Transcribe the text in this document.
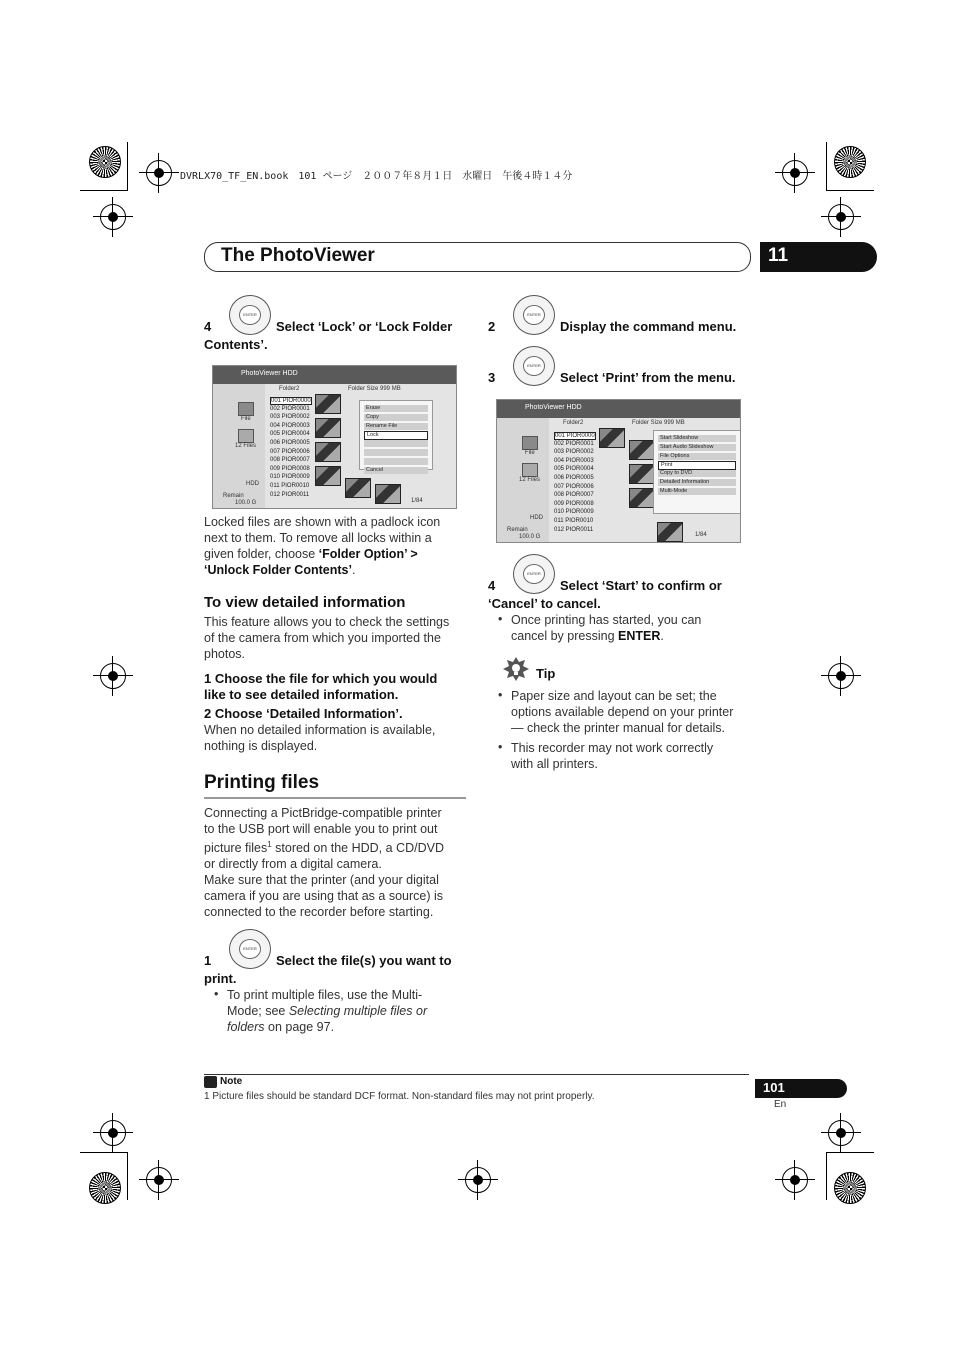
DVRLX70_TF_EN.book　101 ページ　２００７年８月１日　水曜日　午後４時１４分
The PhotoViewer	11
ENTER
4	Select ‘Lock’ or ‘Lock Folder
Contents’.
PhotoViewer HDD
File
12 Files
HDD
Remain
100.0 G
Folder2	Folder Size 999 MB
001 PIOR0000
002 PIOR0001
003 PIOR0002
004 PIOR0003
005 PIOR0004
006 PIOR0005
007 PIOR0006
008 PIOR0007
009 PIOR0008
010 PIOR0009
011 PIOR0010
012 PIOR0011
Erase
Copy
Rename File
Lock
Cancel
1/84
Locked files are shown with a padlock icon
next to them. To remove all locks within a
given folder, choose ‘Folder Option’ >
‘Unlock Folder Contents’.
To view detailed information
This feature allows you to check the settings
of the camera from which you imported the
photos.
1 Choose the file for which you would
like to see detailed information.
2 Choose ‘Detailed Information’.
When no detailed information is available,
nothing is displayed.
Printing files
Connecting a PictBridge-compatible printer
to the USB port will enable you to print out
picture files$^1$ stored on the HDD, a CD/DVD
or directly from a digital camera.
Make sure that the printer (and your digital
camera if you are using that as a source) is
connected to the recorder before starting.
ENTER
1	Select the file(s) you want to
print.
• To print multiple files, use the Multi-
Mode; see Selecting multiple files or
folders on page 97.
ENTER
2	Display the command menu.
ENTER
3	Select ‘Print’ from the menu.
PhotoViewer HDD
File
12 Files
HDD
Remain
100.0 G
Folder2	Folder Size 999 MB
001 PIOR0000
002 PIOR0001
003 PIOR0002
004 PIOR0003
005 PIOR0004
006 PIOR0005
007 PIOR0006
008 PIOR0007
009 PIOR0008
010 PIOR0009
011 PIOR0010
012 PIOR0011
Start Slideshow
Start Audio Slideshow
File Options
Print
Copy to DVD
Detailed Information
Multi-Mode
1/84
ENTER
4	Select ‘Start’ to confirm or
‘Cancel’ to cancel.
• Once printing has started, you can
cancel by pressing ENTER.
Tip
• Paper size and layout can be set; the
options available depend on your printer
— check the printer manual for details.
• This recorder may not work correctly
with all printers.
Note
1 Picture files should be standard DCF format. Non-standard files may not print properly.
101
En
